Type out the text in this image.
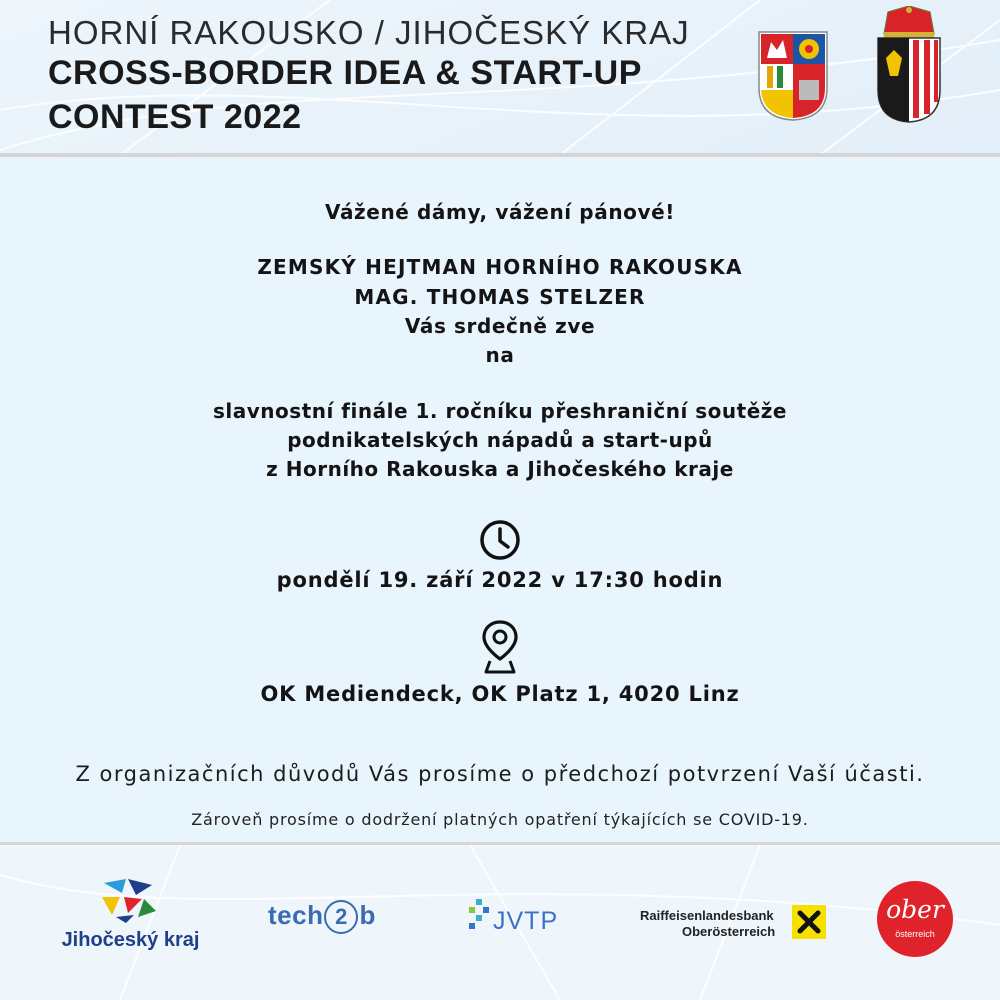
HORNÍ RAKOUSKO / JIHOČESKÝ KRAJ

CROSS-BORDER IDEA & START-UP

CONTEST 2022

Vážené dámy, vážení pánové!

ZEMSKÝ HEJTMAN HORNÍHO RAKOUSKA

MAG. THOMAS STELZER

Vás srdečně zve

na

slavnostní finále 1. ročníku přeshraniční soutěže

podnikatelských nápadů a start-upů

z Horního Rakouska a Jihočeského kraje

pondělí 19. září 2022 v 17:30 hodin

OK Mediendeck, OK Platz 1, 4020 Linz

Z organizačních důvodů Vás prosíme o předchozí potvrzení Vaší účasti.

Zároveň prosíme o dodržení platných opatření týkajících se COVID-19.

Jihočeský kraj
tech 2 b	JVTP	Raiffeisenlandesbank
Oberösterreich
ober
österreich
